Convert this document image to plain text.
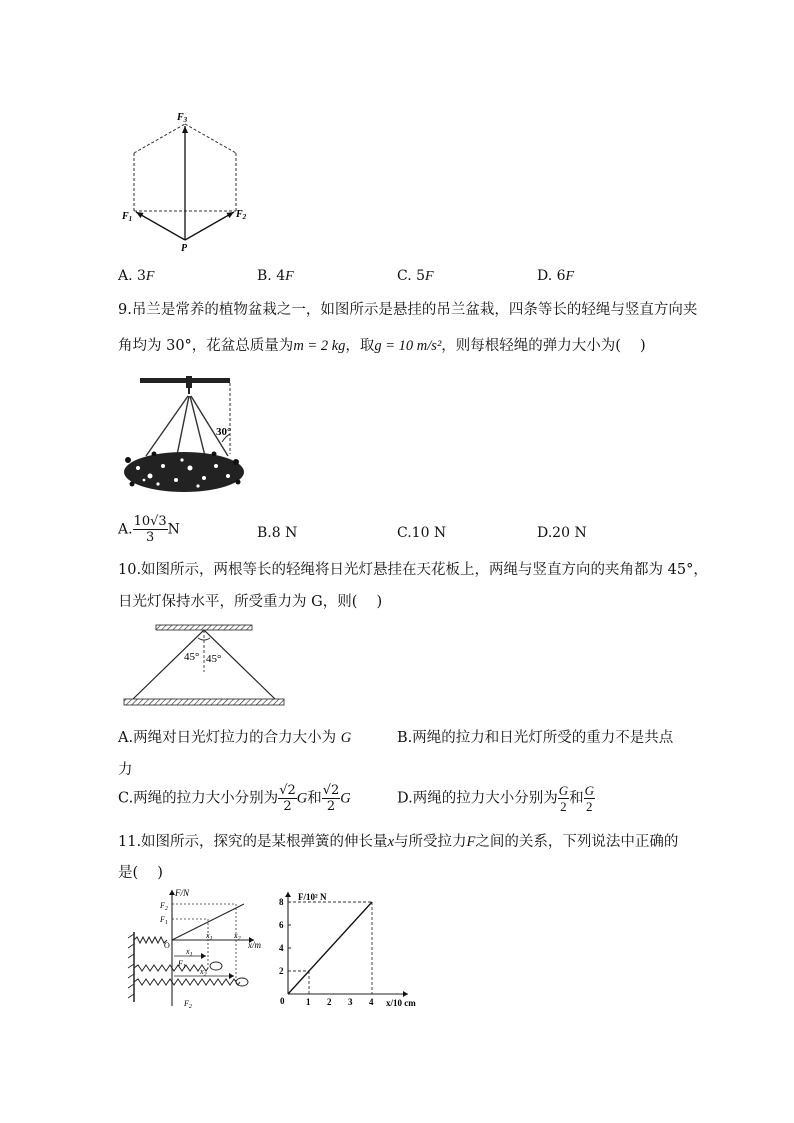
$F_3$
$F_1$	$F_2$
P
A. 3F	B. 4F	C. 5F	D. 6F
9.吊兰是常养的植物盆栽之一，如图所示是悬挂的吊兰盆栽，四条等长的轻绳与竖直方向夹
角均为 30°，花盆总质量为m = 2 kg，取g = 10 m/s²，则每根轻绳的弹力大小为(　 )
30°
A. $\frac{10√3}{3}$ N	B.8 N	C.10 N	D.20 N
10.如图所示，两根等长的轻绳将日光灯悬挂在天花板上，两绳与竖直方向的夹角都为 45°，
日光灯保持水平，所受重力为 G，则(　 )
45° 45°
A.两绳对日光灯拉力的合力大小为 G	B.两绳的拉力和日光灯所受的重力不是共点
力
C.两绳的拉力大小分别为 $\frac{√2}{2}$ G和 $\frac{√2}{2}$ G	D.两绳的拉力大小分别为 $\frac{G}{2}$ 和 $\frac{G}{2}$
11.如图所示，探究的是某根弹簧的伸长量x与所受拉力F之间的关系，下列说法中正确的
是(　 )
F/N
x/m
O
$F_2$
$F_1$
$x_1$	$x_2$
$x_1$
$x_2$
$F_1$
$F_2$
F/10² N
x/10 cm
0 1 2 3 4
2
4
6
8
